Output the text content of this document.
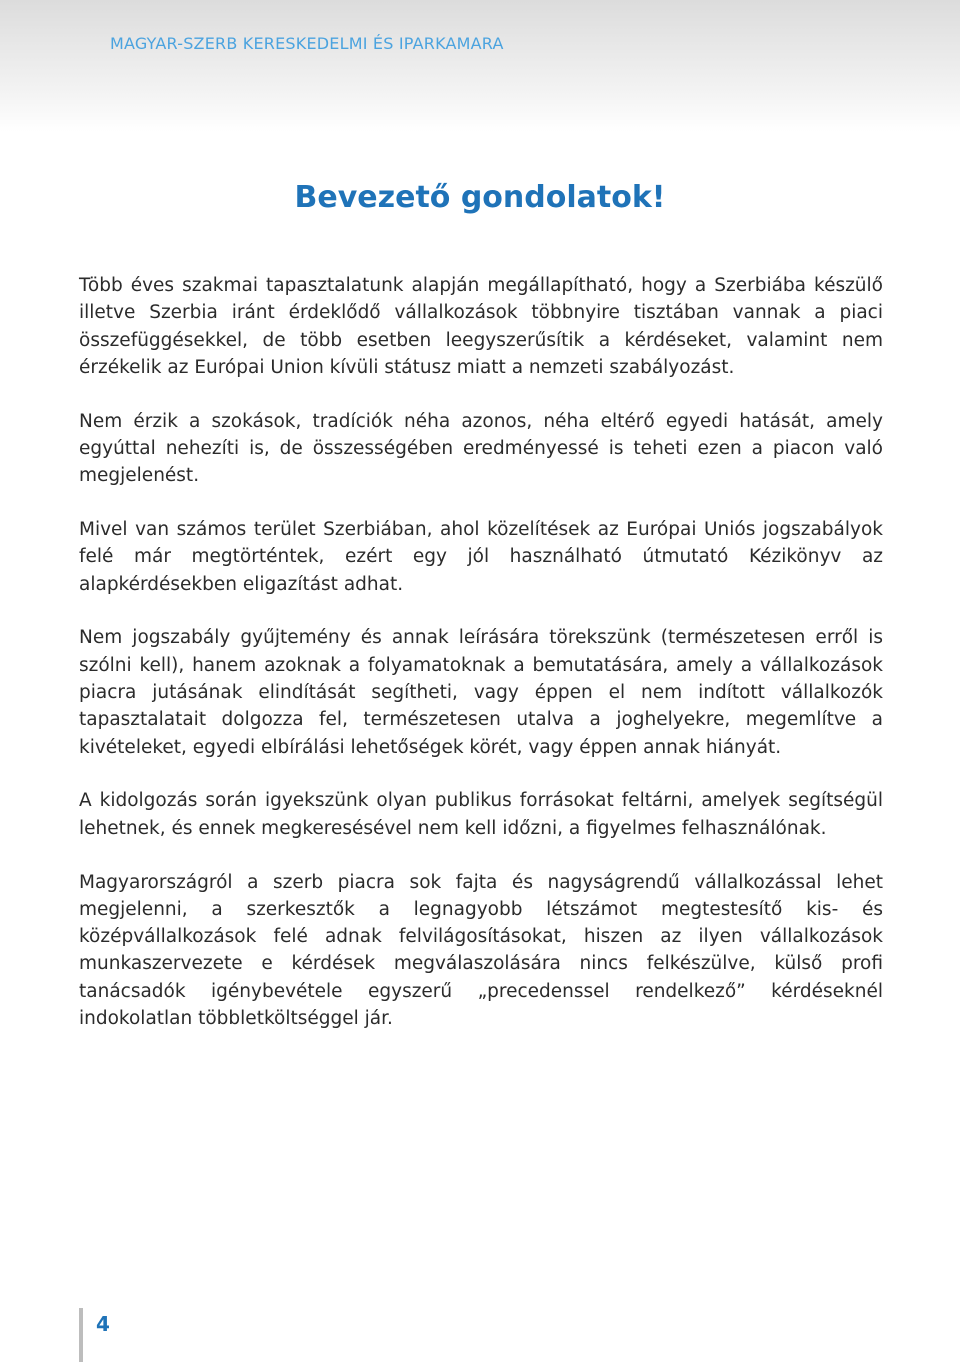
MAGYAR-SZERB KERESKEDELMI ÉS IPARKAMARA
Bevezető gondolatok!

Több éves szakmai tapasztalatunk alapján megállapítható, hogy a Szerbiába készülő illetve Szerbia iránt érdeklődő vállalkozások többnyire tisztában vannak a piaci összefüggésekkel, de több esetben leegyszerűsítik a kérdéseket, valamint nem érzékelik az Európai Union kívüli státusz miatt a nemzeti szabályozást.

Nem érzik a szokások, tradíciók néha azonos, néha eltérő egyedi hatását, amely egyúttal nehezíti is, de összességében eredményessé is teheti ezen a piacon való megjelenést.

Mivel van számos terület Szerbiában, ahol közelítések az Európai Uniós jogszabályok felé már megtörténtek, ezért egy jól használható útmutató Kézikönyv az alapkérdésekben eligazítást adhat.

Nem jogszabály gyűjtemény és annak leírására törekszünk (természetesen erről is szólni kell), hanem azoknak a folyamatoknak a bemutatására, amely a vállalkozások piacra jutásának elindítását segítheti, vagy éppen el nem indított vállalkozók tapasztalatait dolgozza fel, természetesen utalva a joghelyekre, megemlítve a kivételeket, egyedi elbírálási lehetőségek körét, vagy éppen annak hiányát.

A kidolgozás során igyekszünk olyan publikus forrásokat feltárni, amelyek segítségül lehetnek, és ennek megkeresésével nem kell időzni, a figyelmes felhasználónak.

Magyarországról a szerb piacra sok fajta és nagyságrendű vállalkozással lehet megjelenni, a szerkesztők a legnagyobb létszámot megtestesítő kis- és középvállalkozások felé adnak felvilágosításokat, hiszen az ilyen vállalkozások munkaszervezete e kérdések megválaszolására nincs felkészülve, külső profi tanácsadók igénybevétele egyszerű „precedenssel rendelkező” kérdéseknél indokolatlan többletköltséggel jár.

4
